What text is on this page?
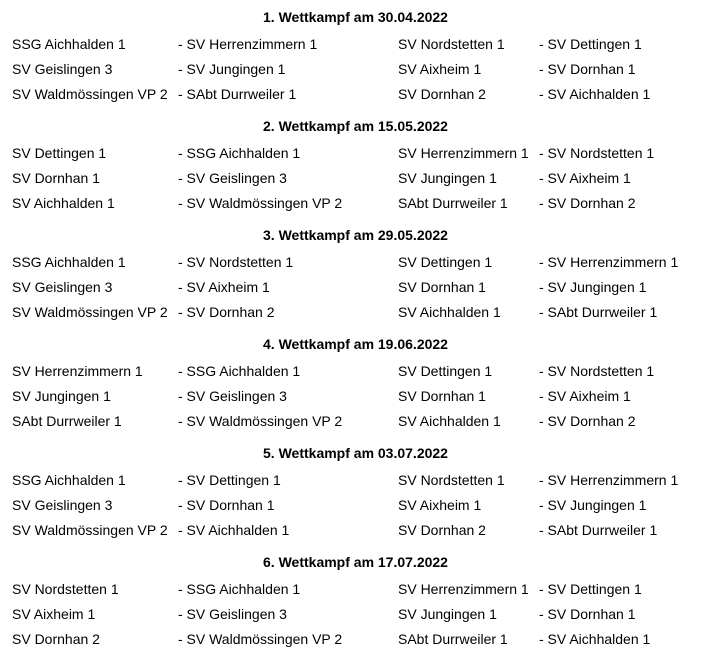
1. Wettkampf am 30.04.2022
SSG Aichhalden 1	- SV Herrenzimmern 1	SV Nordstetten 1 - SV Dettingen 1
SV Geislingen 3	- SV Jungingen 1	SV Aixheim 1	- SV Dornhan 1
SV Waldmössingen VP 2 - SAbt Durrweiler 1	SV Dornhan 2	- SV Aichhalden 1
2. Wettkampf am 15.05.2022
SV Dettingen 1	- SSG Aichhalden 1	SV Herrenzimmern 1 - SV Nordstetten 1
SV Dornhan 1	- SV Geislingen 3	SV Jungingen 1	- SV Aixheim 1
SV Aichhalden 1	- SV Waldmössingen VP 2	SAbt Durrweiler 1 - SV Dornhan 2
3. Wettkampf am 29.05.2022
SSG Aichhalden 1	- SV Nordstetten 1	SV Dettingen 1	- SV Herrenzimmern 1
SV Geislingen 3	- SV Aixheim 1	SV Dornhan 1	- SV Jungingen 1
SV Waldmössingen VP 2 - SV Dornhan 2	SV Aichhalden 1	- SAbt Durrweiler 1
4. Wettkampf am 19.06.2022
SV Herrenzimmern 1	- SSG Aichhalden 1	SV Dettingen 1	- SV Nordstetten 1
SV Jungingen 1	- SV Geislingen 3	SV Dornhan 1	- SV Aixheim 1
SAbt Durrweiler 1	- SV Waldmössingen VP 2	SV Aichhalden 1	- SV Dornhan 2
5. Wettkampf am 03.07.2022
SSG Aichhalden 1	- SV Dettingen 1	SV Nordstetten 1 - SV Herrenzimmern 1
SV Geislingen 3	- SV Dornhan 1	SV Aixheim 1	- SV Jungingen 1
SV Waldmössingen VP 2 - SV Aichhalden 1	SV Dornhan 2	- SAbt Durrweiler 1
6. Wettkampf am 17.07.2022
SV Nordstetten 1	- SSG Aichhalden 1	SV Herrenzimmern 1 - SV Dettingen 1
SV Aixheim 1	- SV Geislingen 3	SV Jungingen 1	- SV Dornhan 1
SV Dornhan 2	- SV Waldmössingen VP 2	SAbt Durrweiler 1 - SV Aichhalden 1
